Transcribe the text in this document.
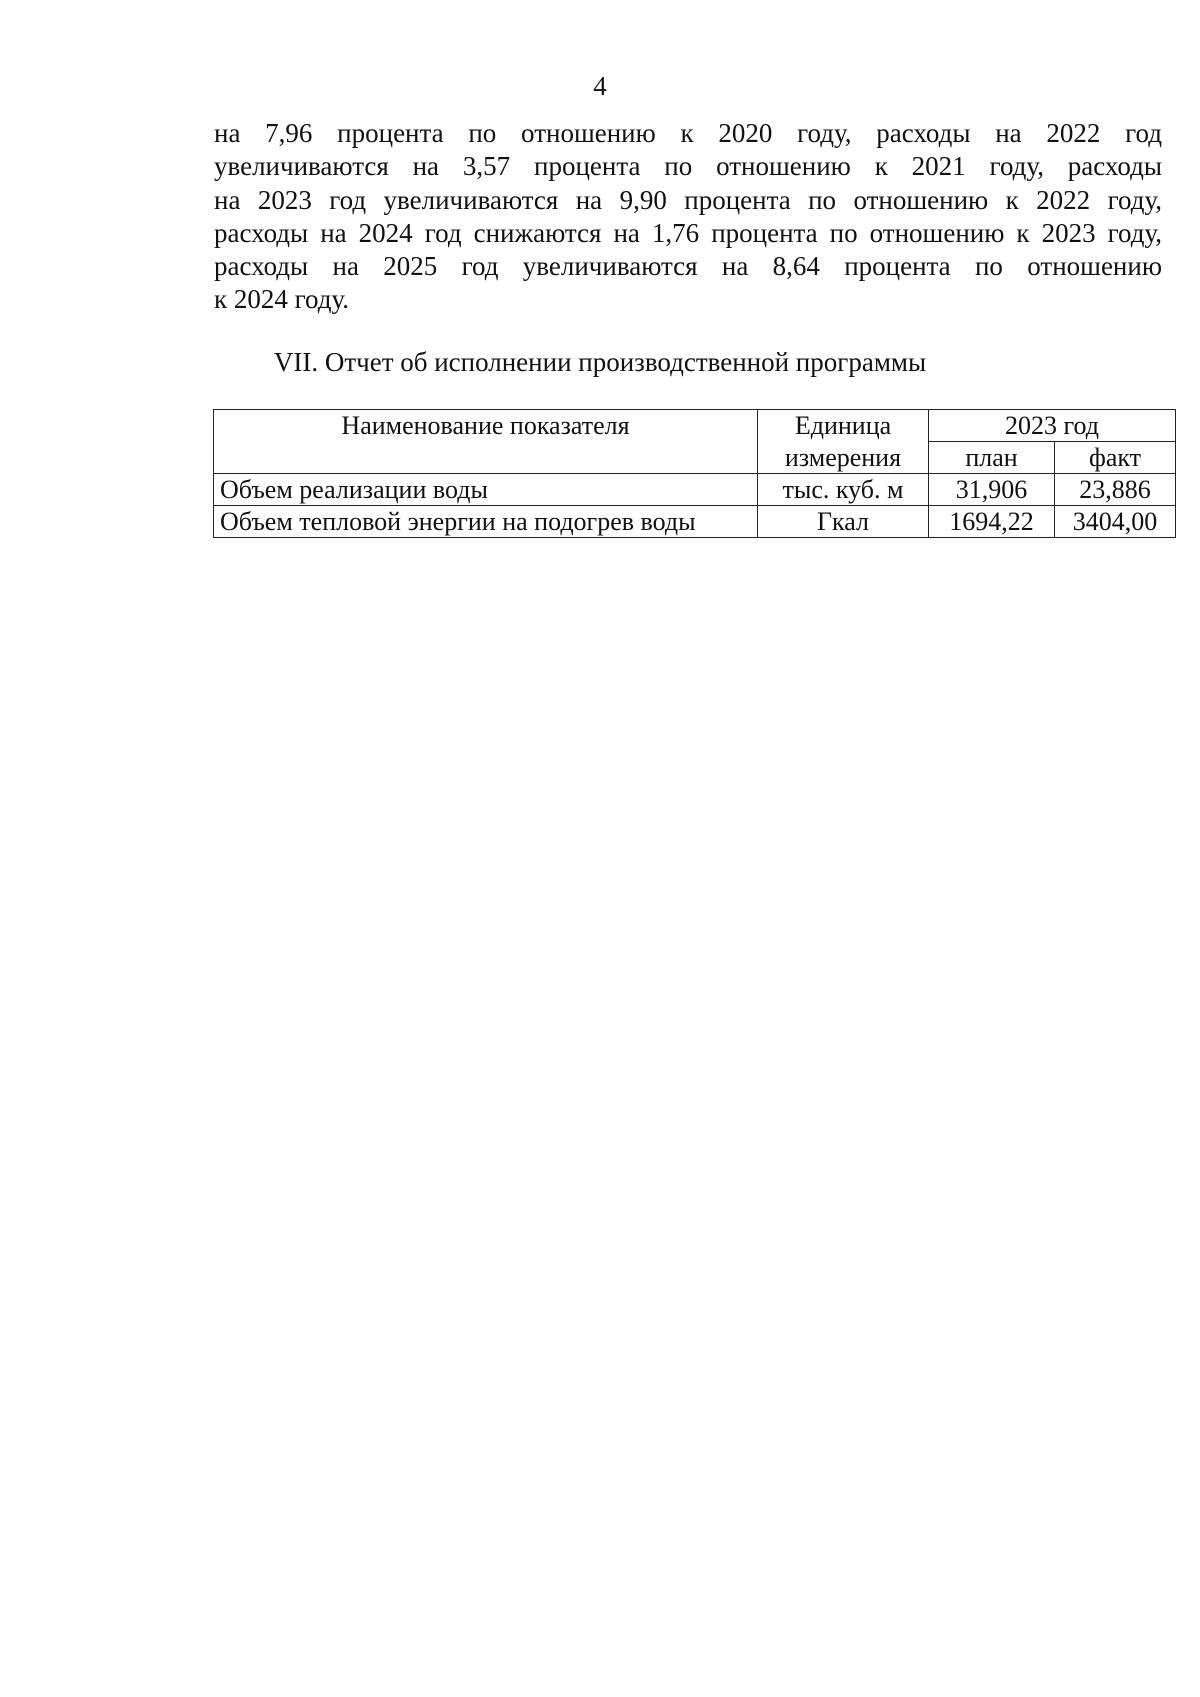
4
на 7,96 процента по отношению к 2020 году, расходы на 2022 год
увеличиваются на 3,57 процента по отношению к 2021 году, расходы
на 2023 год увеличиваются на 9,90 процента по отношению к 2022 году,
расходы на 2024 год снижаются на 1,76 процента по отношению к 2023 году,
расходы на 2025 год увеличиваются на 8,64 процента по отношению
к 2024 году.
VII. Отчет об исполнении производственной программы
Наименование показателя	Единица	2023 год	
	измерения	план	факт
Объем реализации воды	тыс. куб. м	31,906	23,886
Объем тепловой энергии на подогрев воды	Гкал	1694,22	3404,00
